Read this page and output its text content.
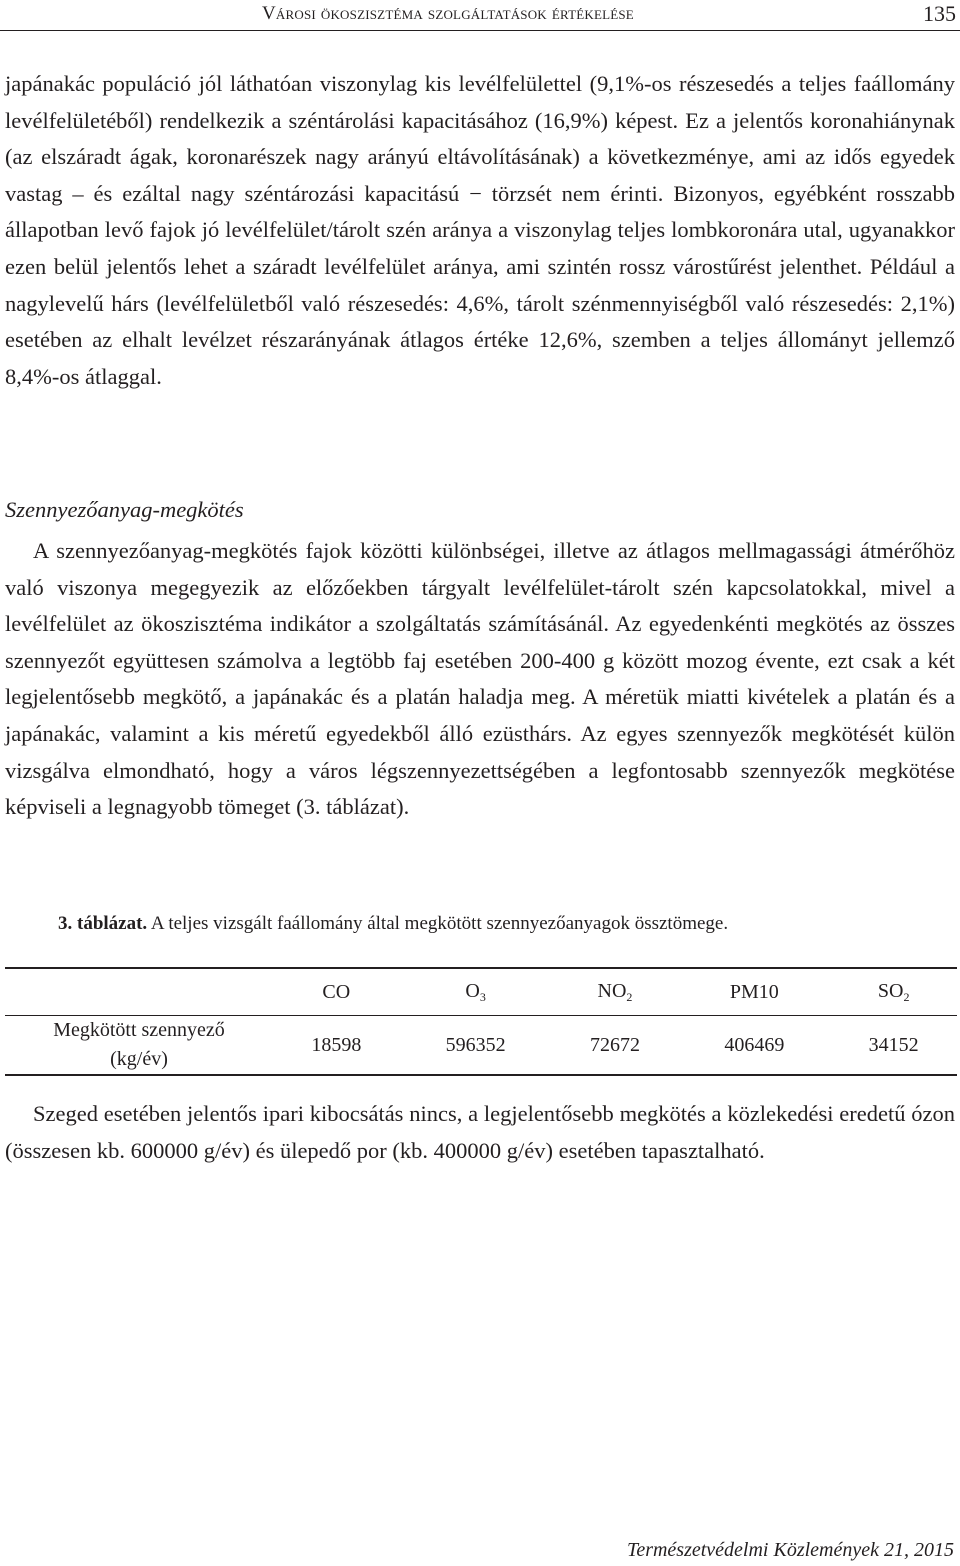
Városi ökoszisztéma szolgáltatások értékelése	135

japánakác populáció jól láthatóan viszonylag kis levélfelülettel (9,1%-os részesedés a teljes faállomány levélfelületéből) rendelkezik a széntárolási kapacitásához (16,9%) képest. Ez a jelentős koronahiánynak (az elszáradt ágak, koronarészek nagy arányú eltávolításának) a következménye, ami az idős egyedek vastag – és ezáltal nagy széntározási kapacitású − törzsét nem érinti. Bizonyos, egyébként rosszabb állapotban levő fajok jó levélfelület/tárolt szén aránya a viszonylag teljes lombkoronára utal, ugyanakkor ezen belül jelentős lehet a száradt levélfelület aránya, ami szintén rossz várostűrést jelenthet. Például a nagylevelű hárs (levélfelületből való részesedés: 4,6%, tárolt szénmennyiségből való részesedés: 2,1%) esetében az elhalt levélzet részarányának átlagos értéke 12,6%, szemben a teljes állományt jellemző 8,4%-os átlaggal.

Szennyezőanyag-megkötés

A szennyezőanyag-megkötés fajok közötti különbségei, illetve az átlagos mellmagassági átmérőhöz való viszonya megegyezik az előzőekben tárgyalt levélfelület-tárolt szén kapcsolatokkal, mivel a levélfelület az ökoszisztéma indikátor a szolgáltatás számításánál. Az egyedenkénti megkötés az összes szennyezőt együttesen számolva a legtöbb faj esetében 200-400 g között mozog évente, ezt csak a két legjelentősebb megkötő, a japánakác és a platán haladja meg. A méretük miatti kivételek a platán és a japánakác, valamint a kis méretű egyedekből álló ezüsthárs. Az egyes szennyezők megkötését külön vizsgálva elmondható, hogy a város légszennyezettségében a legfontosabb szennyezők megkötése képviseli a legnagyobb tömeget (3. táblázat).

3. táblázat. A teljes vizsgált faállomány által megkötött szennyezőanyagok össztömege.
	CO	$O_3$	$NO_2$	PM10	$SO_2$
Megkötött szennyező
(kg/év)	18598	596352	72672	406469	34152

Szeged esetében jelentős ipari kibocsátás nincs, a legjelentősebb megkötés a közlekedési eredetű ózon (összesen kb. 600000 g/év) és ülepedő por (kb. 400000 g/év) esetében tapasztalható.

Természetvédelmi Közlemények 21, 2015
